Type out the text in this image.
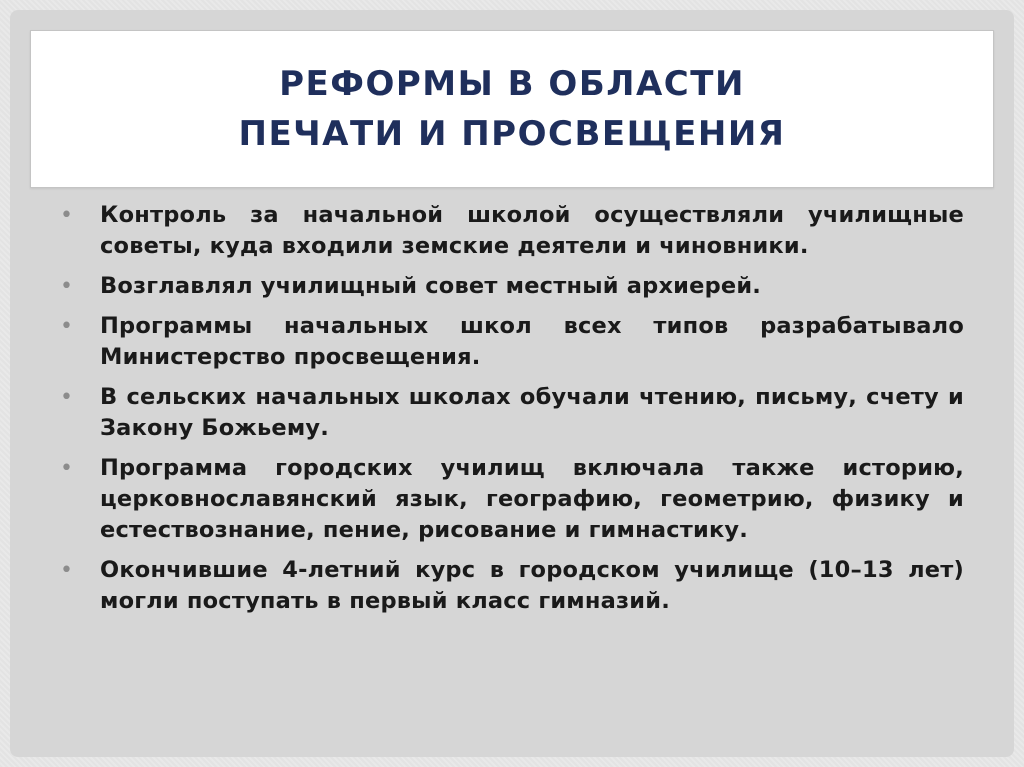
РЕФОРМЫ В ОБЛАСТИ ПЕЧАТИ И ПРОСВЕЩЕНИЯ
•	Контроль за начальной школой осуществляли училищные советы, куда входили земские деятели и чиновники.
•	Возглавлял училищный совет местный архиерей.
•	Программы начальных школ всех типов разрабатывало Министерство просвещения.
•	В сельских начальных школах обучали чтению, письму, счету и Закону Божьему.
•	Программа городских училищ включала также историю, церковнославянский язык, географию, геометрию, физику и естествознание, пение, рисование и гимнастику.
•	Окончившие 4-летний курс в городском училище (10–13 лет) могли поступать в первый класс гимназий.
